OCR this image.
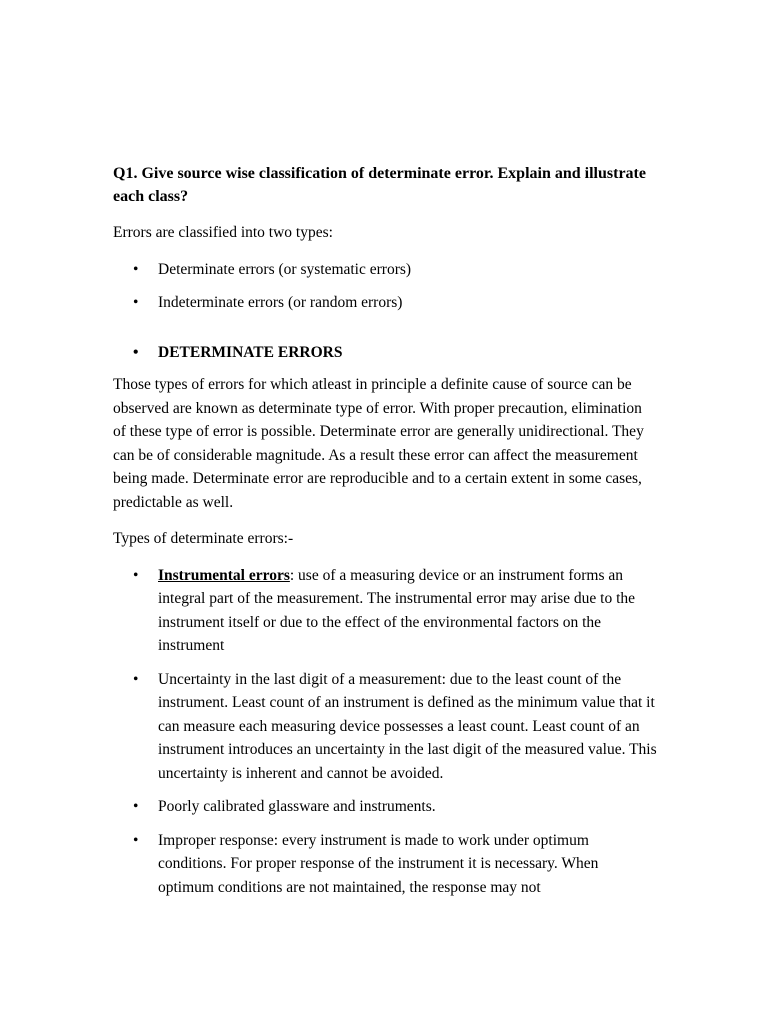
Q1. Give source wise classification of determinate error. Explain and illustrate each class?

Errors are classified into two types:

• Determinate errors (or systematic errors)
• Indeterminate errors (or random errors)
• DETERMINATE ERRORS

Those types of errors for which atleast in principle a definite cause of source can be observed are known as determinate type of error. With proper precaution, elimination of these type of error is possible. Determinate error are generally unidirectional. They can be of considerable magnitude. As a result these error can affect the measurement being made. Determinate error are reproducible and to a certain extent in some cases, predictable as well.

Types of determinate errors:-

• Instrumental errors: use of a measuring device or an instrument forms an integral part of the measurement. The instrumental error may arise due to the instrument itself or due to the effect of the environmental factors on the instrument
• Uncertainty in the last digit of a measurement: due to the least count of the instrument. Least count of an instrument is defined as the minimum value that it can measure each measuring device possesses a least count. Least count of an instrument introduces an uncertainty in the last digit of the measured value. This uncertainty is inherent and cannot be avoided.
• Poorly calibrated glassware and instruments.
• Improper response: every instrument is made to work under optimum conditions. For proper response of the instrument it is necessary. When optimum conditions are not maintained, the response may not
